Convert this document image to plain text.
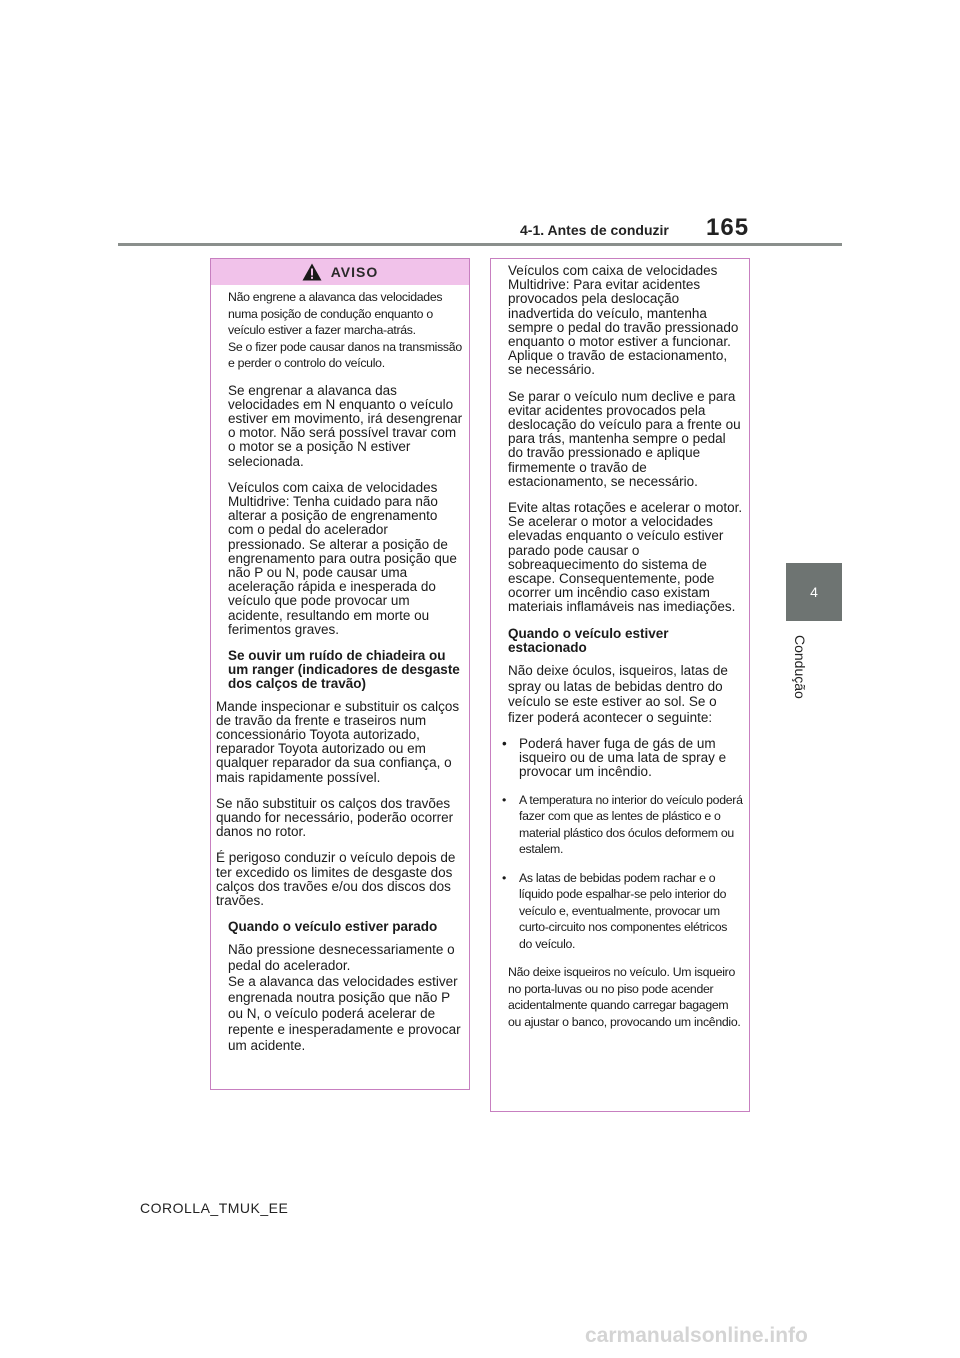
4-1. Antes de conduzir	165
4
Condução
AVISO

Não engrene a alavanca das velocidades numa posição de condução enquanto o veículo estiver a fazer marcha-atrás.

Se o fizer pode causar danos na transmissão e perder o controlo do veículo.

Se engrenar a alavanca das velocidades em N enquanto o veículo estiver em movimento, irá desengrenar o motor. Não será possível travar com o motor se a posição N estiver selecionada.

Veículos com caixa de velocidades Multidrive: Tenha cuidado para não alterar a posição de engrenamento com o pedal do acelerador pressionado. Se alterar a posição de engrenamento para outra posição que não P ou N, pode causar uma aceleração rápida e inesperada do veículo que pode provocar um acidente, resultando em morte ou ferimentos graves.

Se ouvir um ruído de chiadeira ou um ranger (indicadores de desgaste dos calços de travão)

Mande inspecionar e substituir os calços de travão da frente e traseiros num concessionário Toyota autorizado, reparador Toyota autorizado ou em qualquer reparador da sua confiança, o mais rapidamente possível.

Se não substituir os calços dos travões quando for necessário, poderão ocorrer danos no rotor.

É perigoso conduzir o veículo depois de ter excedido os limites de desgaste dos calços dos travões e/ou dos discos dos travões.

Quando o veículo estiver parado

Não pressione desnecessariamente o pedal do acelerador.

Se a alavanca das velocidades estiver engrenada noutra posição que não P ou N, o veículo poderá acelerar de repente e inesperadamente e provocar um acidente.

Veículos com caixa de velocidades Multidrive: Para evitar acidentes provocados pela deslocação inadvertida do veículo, mantenha sempre o pedal do travão pressionado enquanto o motor estiver a funcionar. Aplique o travão de estacionamento, se necessário.

Se parar o veículo num declive e para evitar acidentes provocados pela deslocação do veículo para a frente ou para trás, mantenha sempre o pedal do travão pressionado e aplique firmemente o travão de estacionamento, se necessário.

Evite altas rotações e acelerar o motor.

Se acelerar o motor a velocidades elevadas enquanto o veículo estiver parado pode causar o sobreaquecimento do sistema de escape. Consequentemente, pode ocorrer um incêndio caso existam materiais inflamáveis nas imediações.

Quando o veículo estiver estacionado

Não deixe óculos, isqueiros, latas de spray ou latas de bebidas dentro do veículo se este estiver ao sol. Se o fizer poderá acontecer o seguinte:

• Poderá haver fuga de gás de um isqueiro ou de uma lata de spray e provocar um incêndio.

• A temperatura no interior do veículo poderá fazer com que as lentes de plástico e o material plástico dos óculos deformem ou estalem.

• As latas de bebidas podem rachar e o líquido pode espalhar-se pelo interior do veículo e, eventualmente, provocar um curto-circuito nos componentes elétricos do veículo.

Não deixe isqueiros no veículo. Um isqueiro no porta-luvas ou no piso pode acender acidentalmente quando carregar bagagem ou ajustar o banco, provocando um incêndio.

COROLLA_TMUK_EE
carmanualsonline.info
